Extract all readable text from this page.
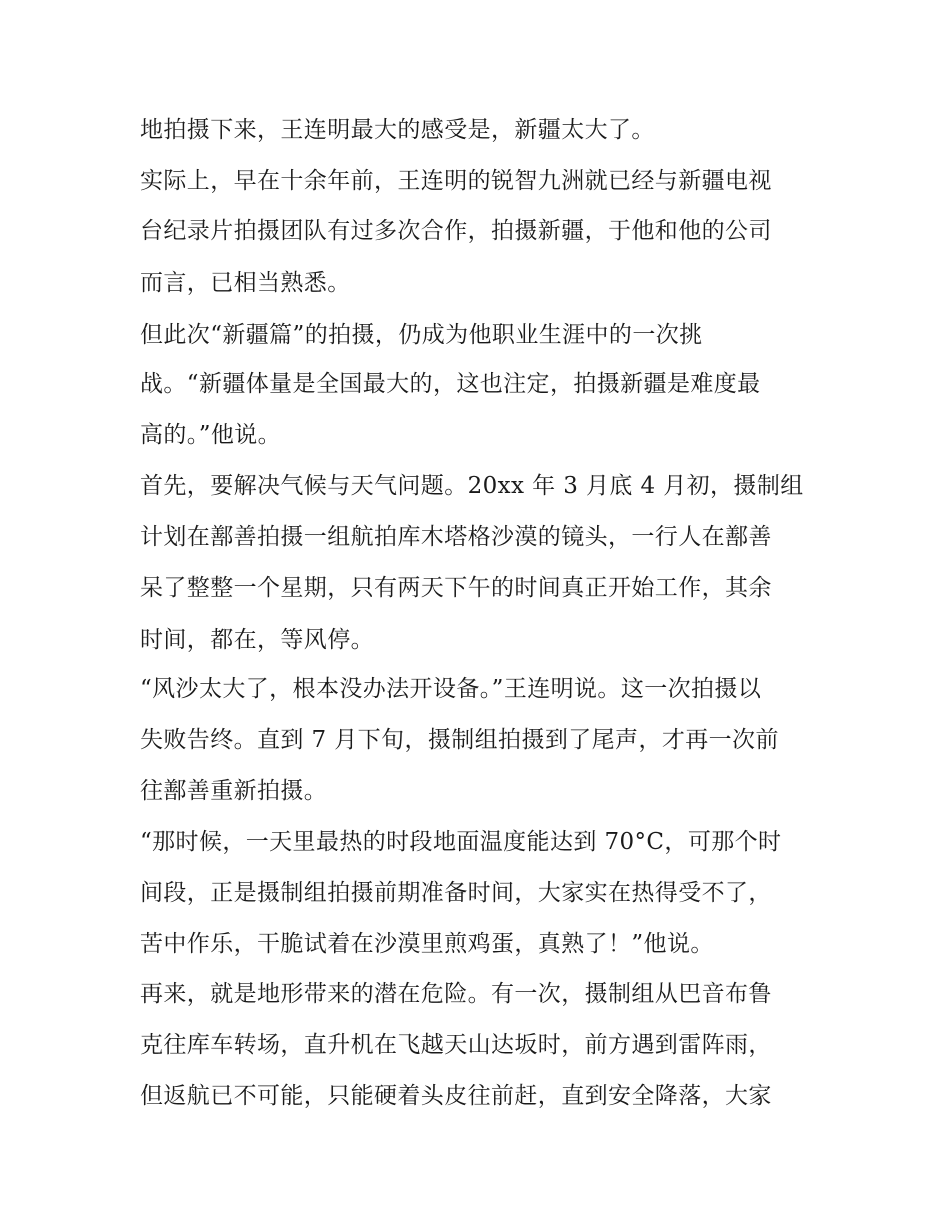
地拍摄下来，王连明最大的感受是，新疆太大了。
实际上，早在十余年前，王连明的锐智九洲就已经与新疆电视
台纪录片拍摄团队有过多次合作，拍摄新疆，于他和他的公司
而言，已相当熟悉。
但此次“新疆篇”的拍摄，仍成为他职业生涯中的一次挑
战。“新疆体量是全国最大的，这也注定，拍摄新疆是难度最
高的。”他说。
首先，要解决气候与天气问题。20xx 年 3 月底 4 月初，摄制组
计划在鄯善拍摄一组航拍库木塔格沙漠的镜头，一行人在鄯善
呆了整整一个星期，只有两天下午的时间真正开始工作，其余
时间，都在，等风停。
“风沙太大了，根本没办法开设备。”王连明说。这一次拍摄以
失败告终。直到 7 月下旬，摄制组拍摄到了尾声，才再一次前
往鄯善重新拍摄。
“那时候，一天里最热的时段地面温度能达到 70°C，可那个时
间段，正是摄制组拍摄前期准备时间，大家实在热得受不了，
苦中作乐，干脆试着在沙漠里煎鸡蛋，真熟了！”他说。
再来，就是地形带来的潜在危险。有一次，摄制组从巴音布鲁
克往库车转场，直升机在飞越天山达坂时，前方遇到雷阵雨，
但返航已不可能，只能硬着头皮往前赶，直到安全降落，大家
